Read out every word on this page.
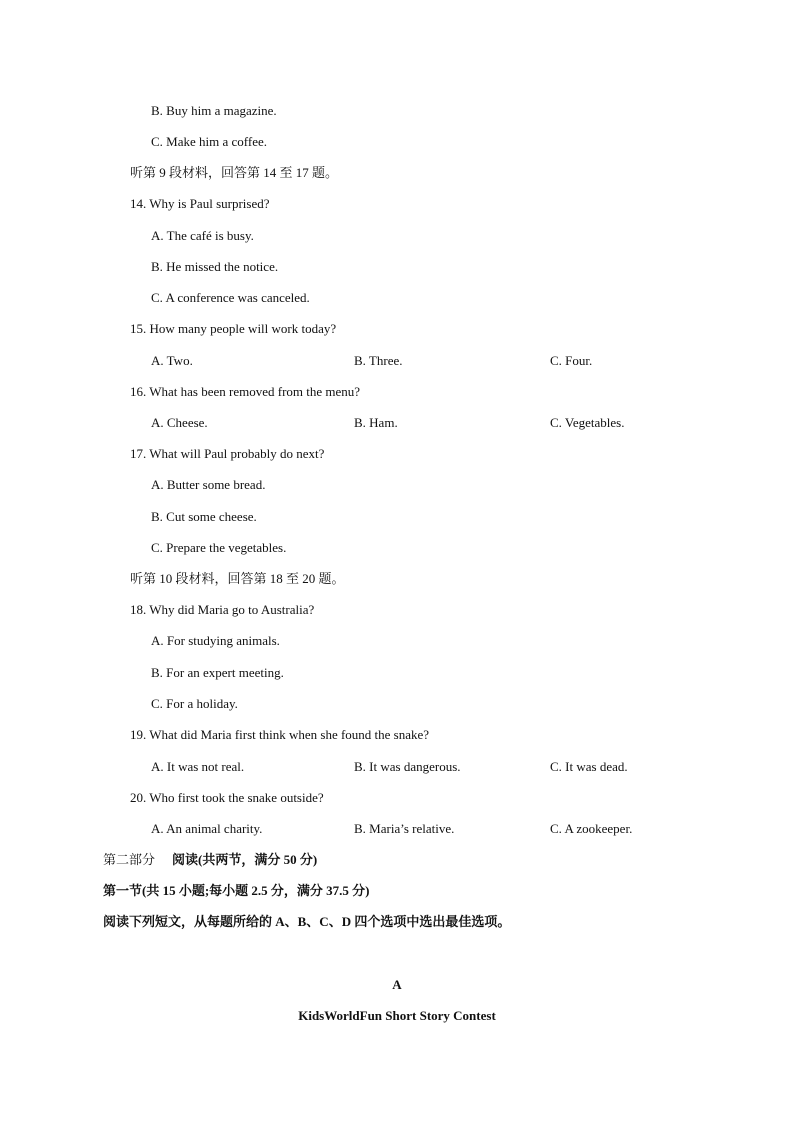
B. Buy him a magazine.
C. Make him a coffee.
听第 9 段材料，回答第 14 至 17 题。
14. Why is Paul surprised?
A. The café is busy.
B. He missed the notice.
C. A conference was canceled.
15. How many people will work today?
A. Two.	B. Three.	C. Four.
16. What has been removed from the menu?
A. Cheese.	B. Ham.	C. Vegetables.
17. What will Paul probably do next?
A. Butter some bread.
B. Cut some cheese.
C. Prepare the vegetables.
听第 10 段材料，回答第 18 至 20 题。
18. Why did Maria go to Australia?
A. For studying animals.
B. For an expert meeting.
C. For a holiday.
19. What did Maria first think when she found the snake?
A. It was not real.	B. It was dangerous.	C. It was dead.
20. Who first took the snake outside?
A. An animal charity.	B. Maria’s relative.	C. A zookeeper.
第二部分 阅读(共两节，满分 50 分)
第一节(共 15 小题;每小题 2.5 分，满分 37.5 分)
阅读下列短文，从每题所给的 A、B、C、D 四个选项中选出最佳选项。
A
KidsWorldFun Short Story Contest
